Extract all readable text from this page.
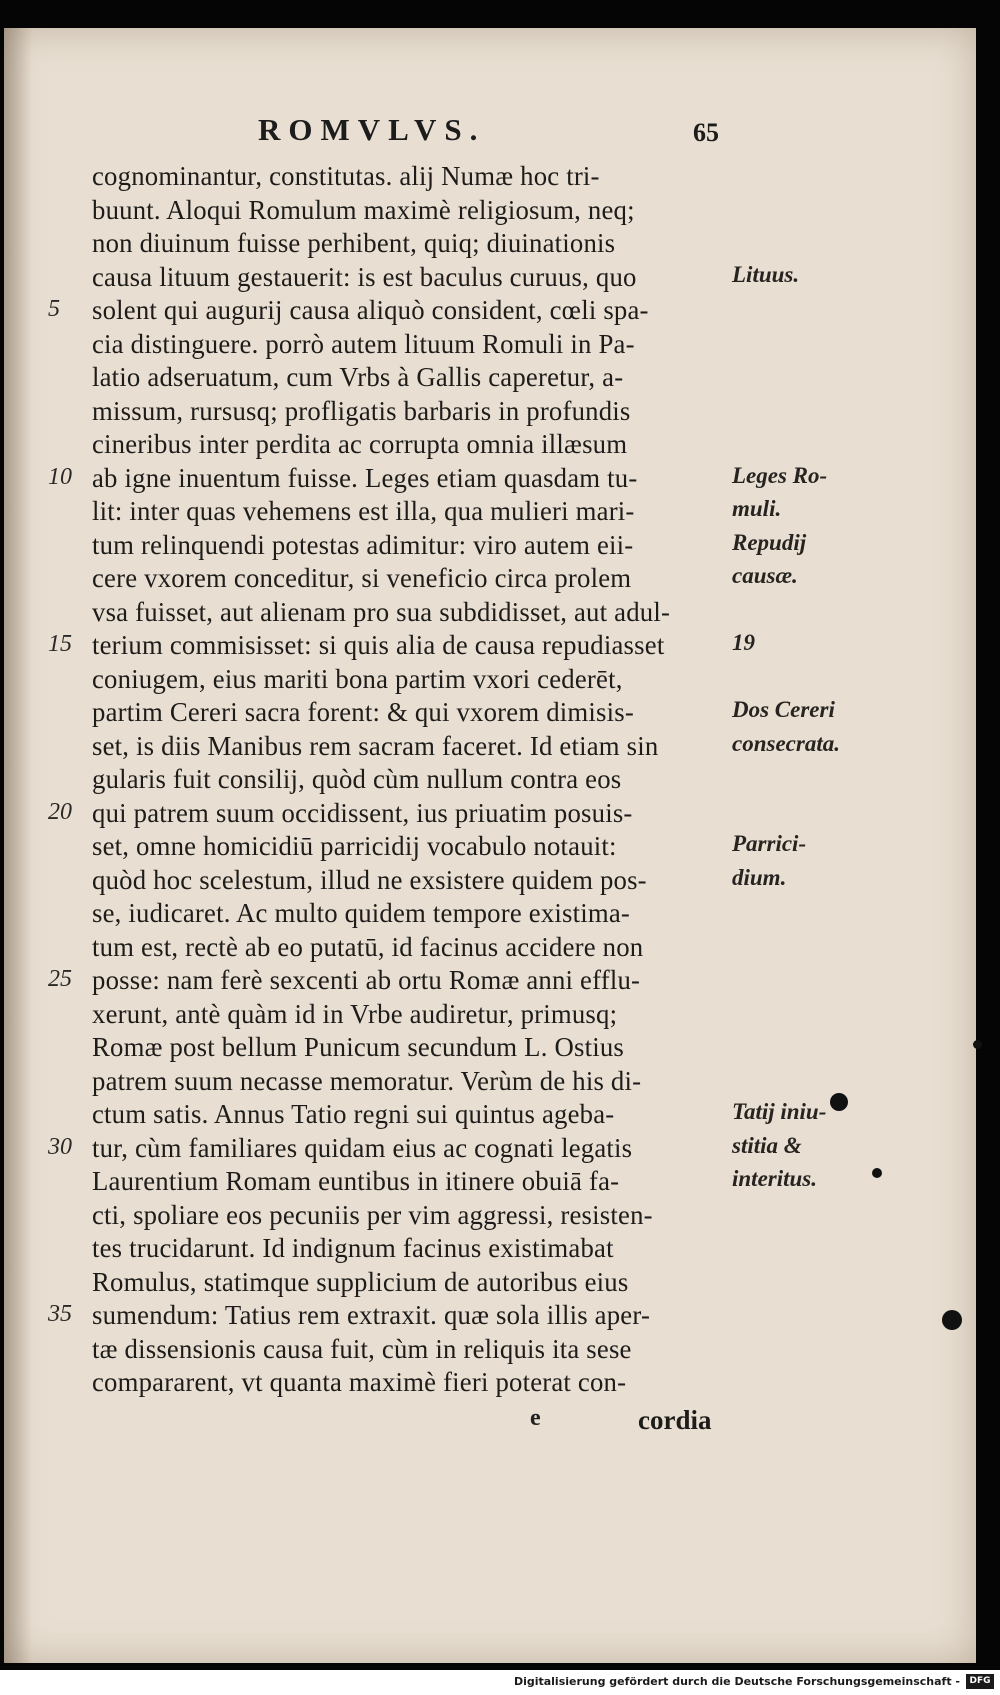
ROMVLVS.	65
cognominantur, constitutas. alij Numæ hoc tri-
buunt. Aloqui Romulum maximè religiosum, neq;
non diuinum fuisse perhibent, quiq; diuinationis
causa lituum gestauerit: is est baculus curuus, quo	Lituus.
5	solent qui augurij causa aliquò consident, cœli spa-
cia distinguere. porrò autem lituum Romuli in Pa-
latio adseruatum, cum Vrbs à Gallis caperetur, a-
missum, rursusq; profligatis barbaris in profundis
cineribus inter perdita ac corrupta omnia illæsum
10 ab igne inuentum fuisse. Leges etiam quasdam tu-	Leges Ro-
lit: inter quas vehemens est illa, qua mulieri mari-	muli.
tum relinquendi potestas adimitur: viro autem eii-	Repudij
cere vxorem conceditur, si veneficio circa prolem	causæ.
vsa fuisset, aut alienam pro sua subdidisset, aut adul-
15 terium commisisset: si quis alia de causa repudiasset	19
coniugem, eius mariti bona partim vxori cederēt,
partim Cereri sacra forent: & qui vxorem dimisis-	Dos Cereri
set, is diis Manibus rem sacram faceret. Id etiam sin	consecrata.
gularis fuit consilij, quòd cùm nullum contra eos
20 qui patrem suum occidissent, ius priuatim posuis-
set, omne homicidiū parricidij vocabulo notauit:	Parrici-
quòd hoc scelestum, illud ne exsistere quidem pos-	dium.
se, iudicaret. Ac multo quidem tempore existima-
tum est, rectè ab eo putatū, id facinus accidere non
25 posse: nam ferè sexcenti ab ortu Romæ anni efflu-
xerunt, antè quàm id in Vrbe audiretur, primusq;
Romæ post bellum Punicum secundum L. Ostius
patrem suum necasse memoratur. Verùm de his di-
ctum satis. Annus Tatio regni sui quintus ageba-	Tatij iniu-
30 tur, cùm familiares quidam eius ac cognati legatis	stitia &
Laurentium Romam euntibus in itinere obuiā fa-	interitus.
cti, spoliare eos pecuniis per vim aggressi, resisten-
tes trucidarunt. Id indignum facinus existimabat
Romulus, statimque supplicium de autoribus eius
35 sumendum: Tatius rem extraxit. quæ sola illis aper-
tæ dissensionis causa fuit, cùm in reliquis ita sese
compararent, vt quanta maximè fieri poterat con-
e	cordia
Digitalisierung gefördert durch die Deutsche Forschungsgemeinschaft -	DFG
